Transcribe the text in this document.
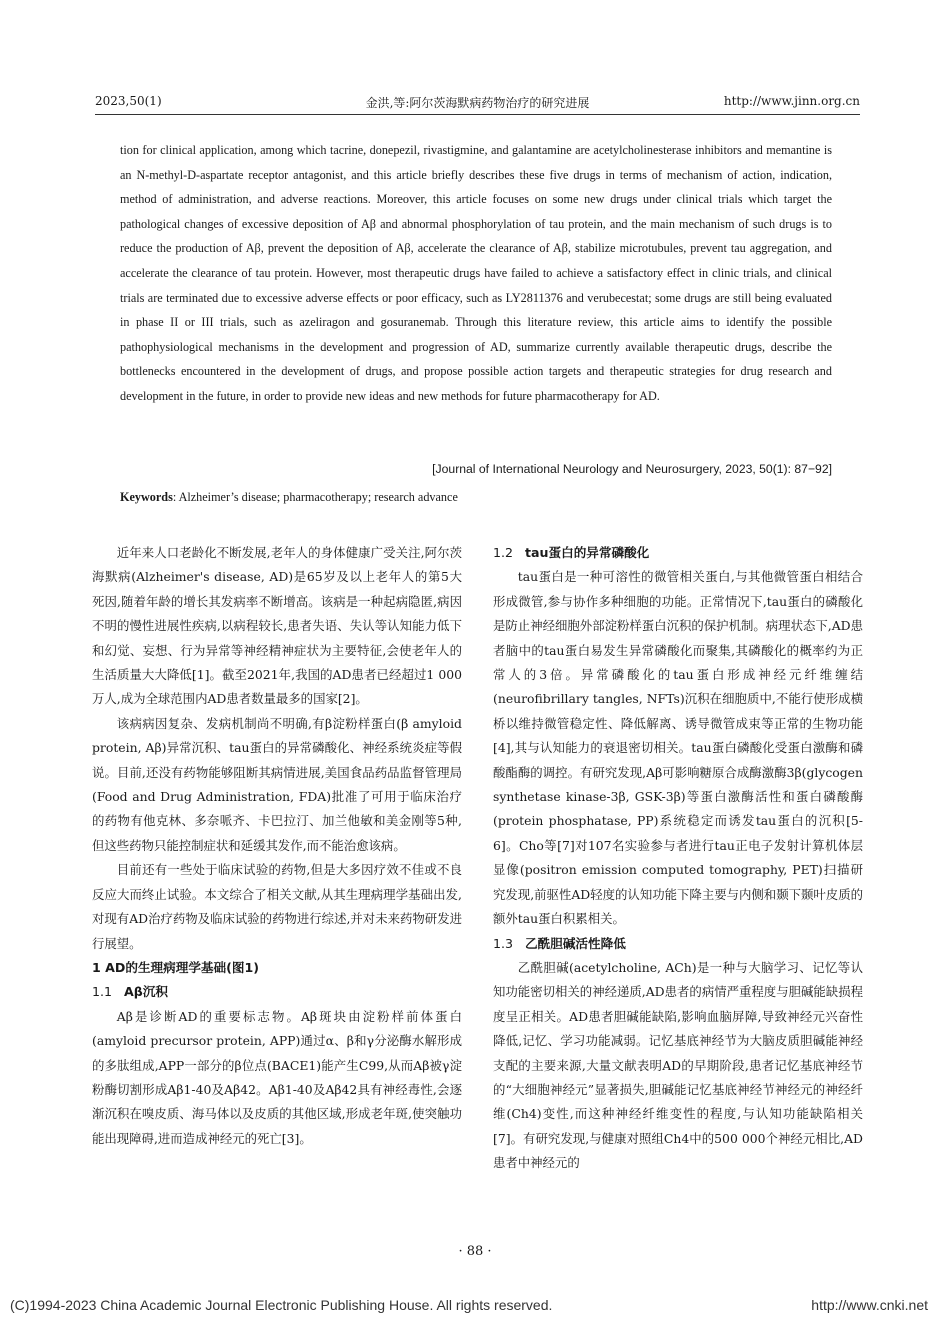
2023,50(1)	金洪,等:阿尔茨海默病药物治疗的研究进展	http://www.jinn.org.cn

tion for clinical application, among which tacrine, donepezil, rivastigmine, and galantamine are acetylcholinesterase inhibitors and memantine is an N-methyl-D-aspartate receptor antagonist, and this article briefly describes these five drugs in terms of mechanism of action, indication, method of administration, and adverse reactions. Moreover, this article focuses on some new drugs under clinical trials which target the pathological changes of excessive deposition of Aβ and abnormal phosphorylation of tau protein, and the main mechanism of such drugs is to reduce the production of Aβ, prevent the deposition of Aβ, accelerate the clearance of Aβ, stabilize microtubules, prevent tau aggregation, and accelerate the clearance of tau protein. However, most therapeutic drugs have failed to achieve a satisfactory effect in clinic trials, and clinical trials are terminated due to excessive adverse effects or poor efficacy, such as LY2811376 and verubecestat; some drugs are still being evaluated in phase II or III trials, such as azeliragon and gosuranemab. Through this literature review, this article aims to identify the possible pathophysiological mechanisms in the development and progression of AD, summarize currently available therapeutic drugs, describe the bottlenecks encountered in the development of drugs, and propose possible action targets and therapeutic strategies for drug research and development in the future, in order to provide new ideas and new methods for future pharmacotherapy for AD.

[Journal of International Neurology and Neurosurgery, 2023, 50(1): 87−92]
Keywords: Alzheimer’s disease; pharmacotherapy; research advance

近年来人口老龄化不断发展,老年人的身体健康广受关注,阿尔茨海默病(Alzheimer's disease, AD)是65岁及以上老年人的第5大死因,随着年龄的增长其发病率不断增高。该病是一种起病隐匿,病因不明的慢性进展性疾病,以病程较长,患者失语、失认等认知能力低下和幻觉、妄想、行为异常等神经精神症状为主要特征,会使老年人的生活质量大大降低[1]。截至2021年,我国的AD患者已经超过1 000万人,成为全球范围内AD患者数量最多的国家[2]。

该病病因复杂、发病机制尚不明确,有β淀粉样蛋白(β amyloid protein, Aβ)异常沉积、tau蛋白的异常磷酸化、神经系统炎症等假说。目前,还没有药物能够阻断其病情进展,美国食品药品监督管理局(Food and Drug Administration, FDA)批准了可用于临床治疗的药物有他克林、多奈哌齐、卡巴拉汀、加兰他敏和美金刚等5种,但这些药物只能控制症状和延缓其发作,而不能治愈该病。

目前还有一些处于临床试验的药物,但是大多因疗效不佳或不良反应大而终止试验。本文综合了相关文献,从其生理病理学基础出发,对现有AD治疗药物及临床试验的药物进行综述,并对未来药物研发进行展望。

1 AD的生理病理学基础(图1)
1.1 Aβ沉积

Aβ是诊断AD的重要标志物。Aβ斑块由淀粉样前体蛋白(amyloid precursor protein, APP)通过α、β和γ分泌酶水解形成的多肽组成,APP一部分的β位点(BACE1)能产生C99,从而Aβ被γ淀粉酶切割形成Aβ1-40及Aβ42。Aβ1-40及Aβ42具有神经毒性,会逐渐沉积在嗅皮质、海马体以及皮质的其他区域,形成老年斑,使突触功能出现障碍,进而造成神经元的死亡[3]。

1.2 tau蛋白的异常磷酸化

tau蛋白是一种可溶性的微管相关蛋白,与其他微管蛋白相结合形成微管,参与协作多种细胞的功能。正常情况下,tau蛋白的磷酸化是防止神经细胞外部淀粉样蛋白沉积的保护机制。病理状态下,AD患者脑中的tau蛋白易发生异常磷酸化而聚集,其磷酸化的概率约为正常人的3倍。异常磷酸化的tau蛋白形成神经元纤维缠结(neurofibrillary tangles, NFTs)沉积在细胞质中,不能行使形成横桥以维持微管稳定性、降低解离、诱导微管成束等正常的生物功能[4],其与认知能力的衰退密切相关。tau蛋白磷酸化受蛋白激酶和磷酸酯酶的调控。有研究发现,Aβ可影响糖原合成酶激酶3β(glycogen synthetase kinase-3β, GSK-3β)等蛋白激酶活性和蛋白磷酸酶(protein phosphatase, PP)系统稳定而诱发tau蛋白的沉积[5-6]。Cho等[7]对107名实验参与者进行tau正电子发射计算机体层显像(positron emission computed tomography, PET)扫描研究发现,前驱性AD轻度的认知功能下降主要与内侧和颞下颞叶皮质的额外tau蛋白积累相关。

1.3 乙酰胆碱活性降低

乙酰胆碱(acetylcholine, ACh)是一种与大脑学习、记忆等认知功能密切相关的神经递质,AD患者的病情严重程度与胆碱能缺损程度呈正相关。AD患者胆碱能缺陷,影响血脑屏障,导致神经元兴奋性降低,记忆、学习功能减弱。记忆基底神经节为大脑皮质胆碱能神经支配的主要来源,大量文献表明AD的早期阶段,患者记忆基底神经节的“大细胞神经元”显著损失,胆碱能记忆基底神经节神经元的神经纤维(Ch4)变性,而这种神经纤维变性的程度,与认知功能缺陷相关[7]。有研究发现,与健康对照组Ch4中的500 000个神经元相比,AD患者中神经元的

· 88 ·
(C)1994-2023 China Academic Journal Electronic Publishing House. All rights reserved.	http://www.cnki.net
